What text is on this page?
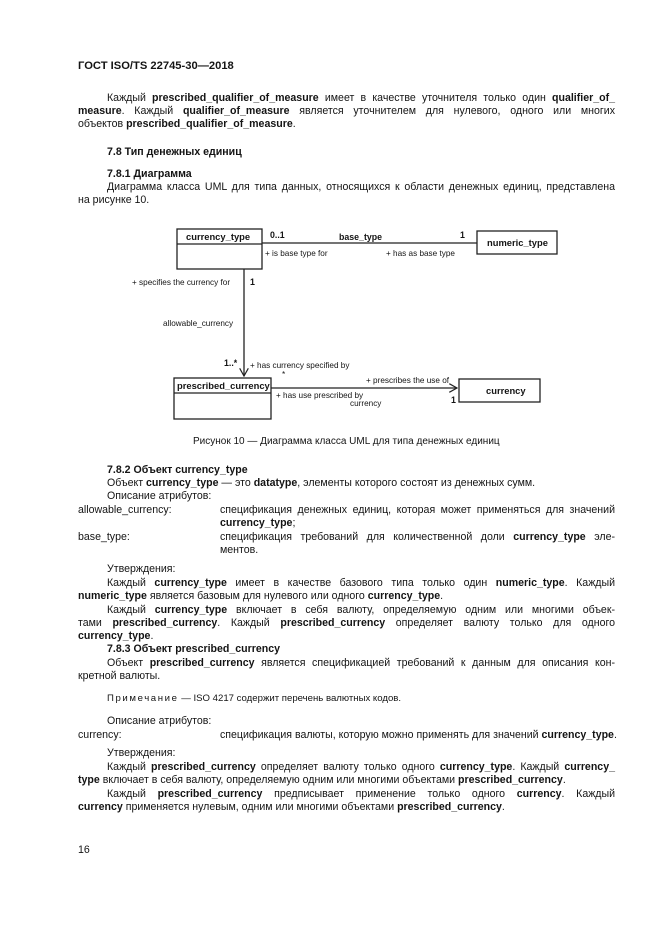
ГОСТ ISO/TS 22745-30—2018
Каждый prescribed_qualifier_of_measure имеет в качестве уточнителя только один qualifier_of_
measure. Каждый qualifier_of_measure является уточнителем для нулевого, одного или многих
объектов prescribed_qualifier_of_measure.
7.8 Тип денежных единиц
7.8.1 Диаграмма
Диаграмма класса UML для типа данных, относящихся к области денежных единиц, представлена
на рисунке 10.
currency_type
numeric_type
prescribed_currency	currency
0..1	base_type	1
+ is base type for	+ has as base type
+ specifies the currency for 1
allowable_currency
1..* + has currency specified by
*
+ prescribes the use of
+ has use prescribed by
currency	1
Рисунок 10 — Диаграмма класса UML для типа денежных единиц
7.8.2 Объект currency_type
Объект currency_type — это datatype, элементы которого состоят из денежных сумм.
Описание атрибутов:
allowable_currency:	спецификация денежных единиц, которая может применяться для значений
currency_type;
base_type:	спецификация требований для количественной доли currency_type эле-
ментов.
Утверждения:
Каждый currency_type имеет в качестве базового типа только один numeric_type. Каждый
numeric_type является базовым для нулевого или одного currency_type.
Каждый currency_type включает в себя валюту, определяемую одним или многими объек-
тами prescribed_currency. Каждый prescribed_currency определяет валюту только для одного
currency_type.
7.8.3 Объект prescribed_currency
Объект prescribed_currency является спецификацией требований к данным для описания кон-
кретной валюты.
Примечание — ISO 4217 содержит перечень валютных кодов.
Описание атрибутов:
currency:	спецификация валюты, которую можно применять для значений currency_type.
Утверждения:
Каждый prescribed_currency определяет валюту только одного currency_type. Каждый currency_
type включает в себя валюту, определяемую одним или многими объектами prescribed_currency.
Каждый prescribed_currency предписывает применение только одного currency. Каждый
currency применяется нулевым, одним или многими объектами prescribed_currency.
16
